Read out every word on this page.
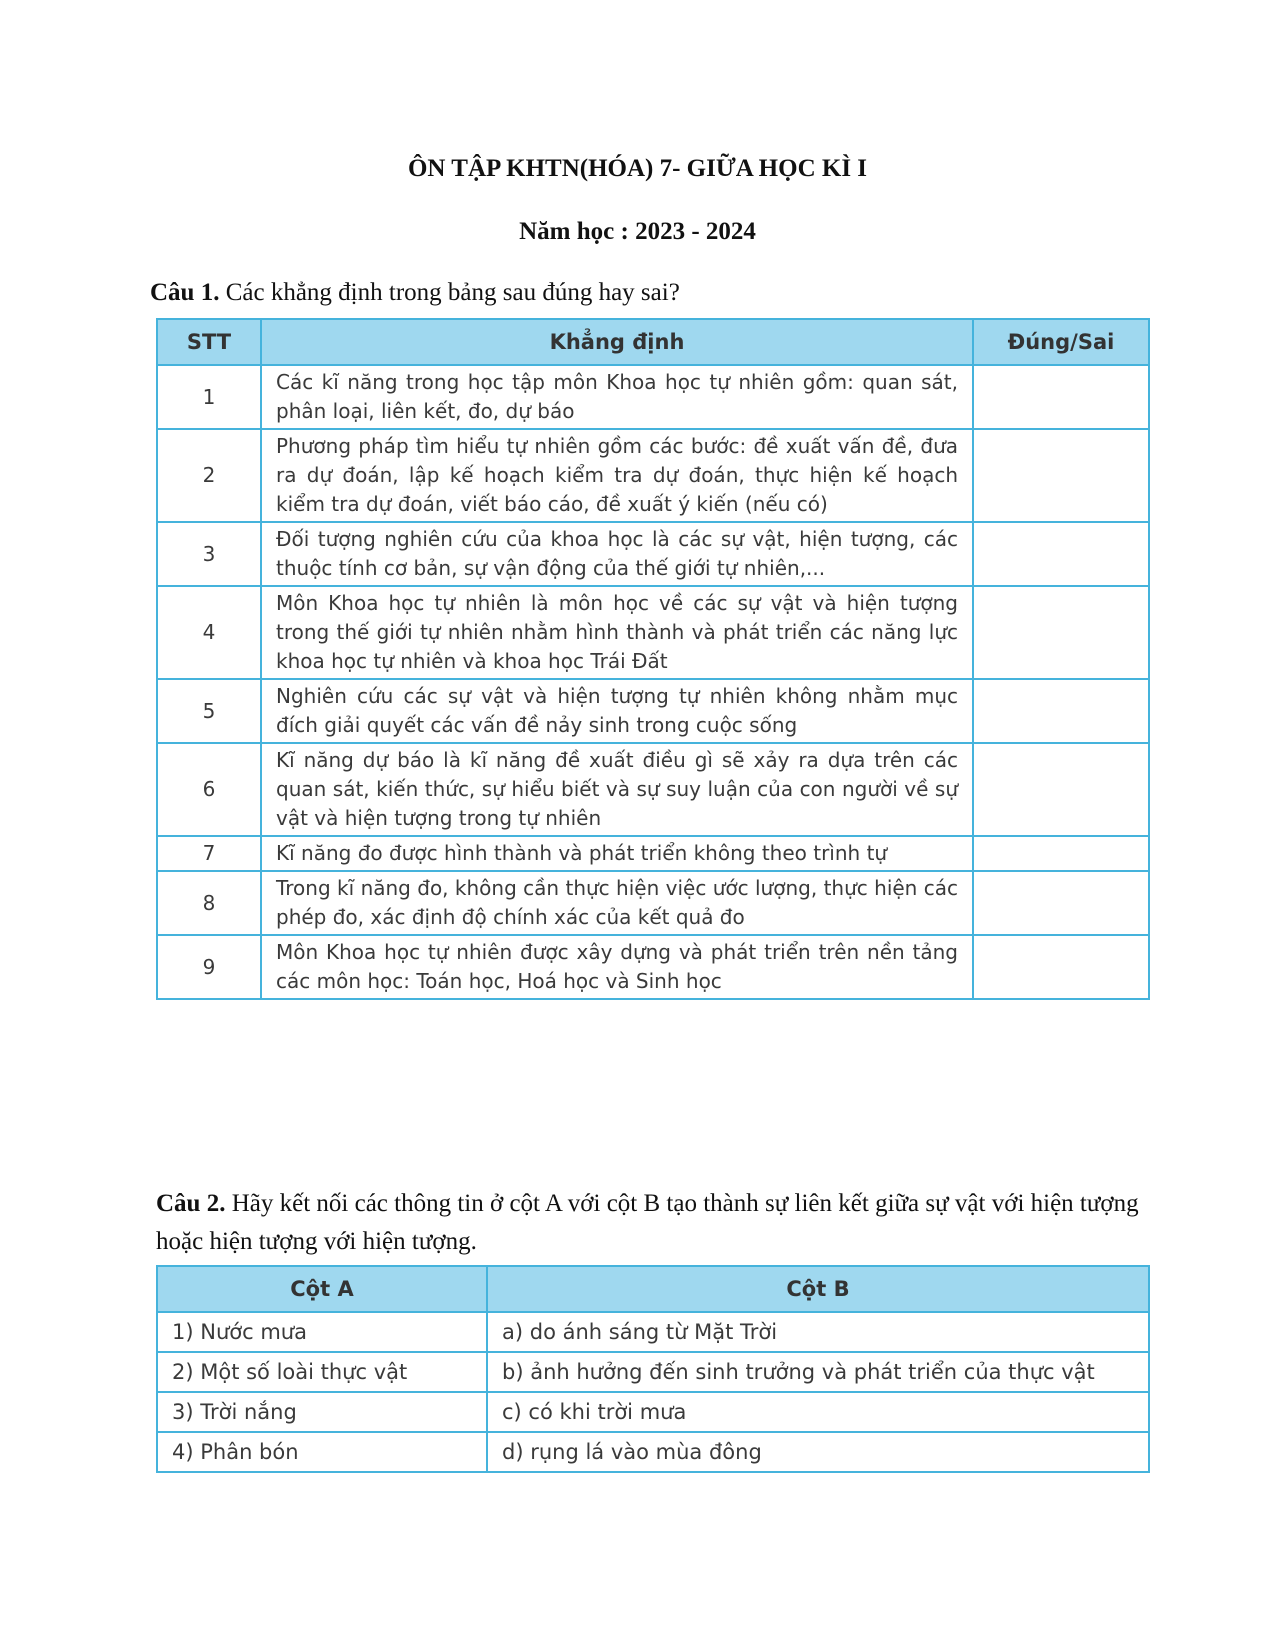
ÔN TẬP KHTN(HÓA) 7- GIỮA HỌC KÌ I
Năm học : 2023 - 2024
Câu 1. Các khẳng định trong bảng sau đúng hay sai?
STT	Khẳng định	Đúng/Sai
1	Các kĩ năng trong học tập môn Khoa học tự nhiên gồm: quan sát, phân loại, liên kết, đo, dự báo	
2	Phương pháp tìm hiểu tự nhiên gồm các bước: đề xuất vấn đề, đưa ra dự đoán, lập kế hoạch kiểm tra dự đoán, thực hiện kế hoạch kiểm tra dự đoán, viết báo cáo, đề xuất ý kiến (nếu có)	
3	Đối tượng nghiên cứu của khoa học là các sự vật, hiện tượng, các thuộc tính cơ bản, sự vận động của thế giới tự nhiên,...	
4	Môn Khoa học tự nhiên là môn học về các sự vật và hiện tượng trong thế giới tự nhiên nhằm hình thành và phát triển các năng lực khoa học tự nhiên và khoa học Trái Đất	
5	Nghiên cứu các sự vật và hiện tượng tự nhiên không nhằm mục đích giải quyết các vấn đề nảy sinh trong cuộc sống	
6	Kĩ năng dự báo là kĩ năng đề xuất điều gì sẽ xảy ra dựa trên các quan sát, kiến thức, sự hiểu biết và sự suy luận của con người về sự vật và hiện tượng trong tự nhiên	
7	Kĩ năng đo được hình thành và phát triển không theo trình tự	
8	Trong kĩ năng đo, không cần thực hiện việc ước lượng, thực hiện các phép đo, xác định độ chính xác của kết quả đo	
9	Môn Khoa học tự nhiên được xây dựng và phát triển trên nền tảng các môn học: Toán học, Hoá học và Sinh học	
Câu 2. Hãy kết nối các thông tin ở cột A với cột B tạo thành sự liên kết giữa sự vật với hiện tượng hoặc hiện tượng với hiện tượng.
Cột A	Cột B
1) Nước mưa	a) do ánh sáng từ Mặt Trời
2) Một số loài thực vật	b) ảnh hưởng đến sinh trưởng và phát triển của thực vật
3) Trời nắng	c) có khi trời mưa
4) Phân bón	d) rụng lá vào mùa đông
